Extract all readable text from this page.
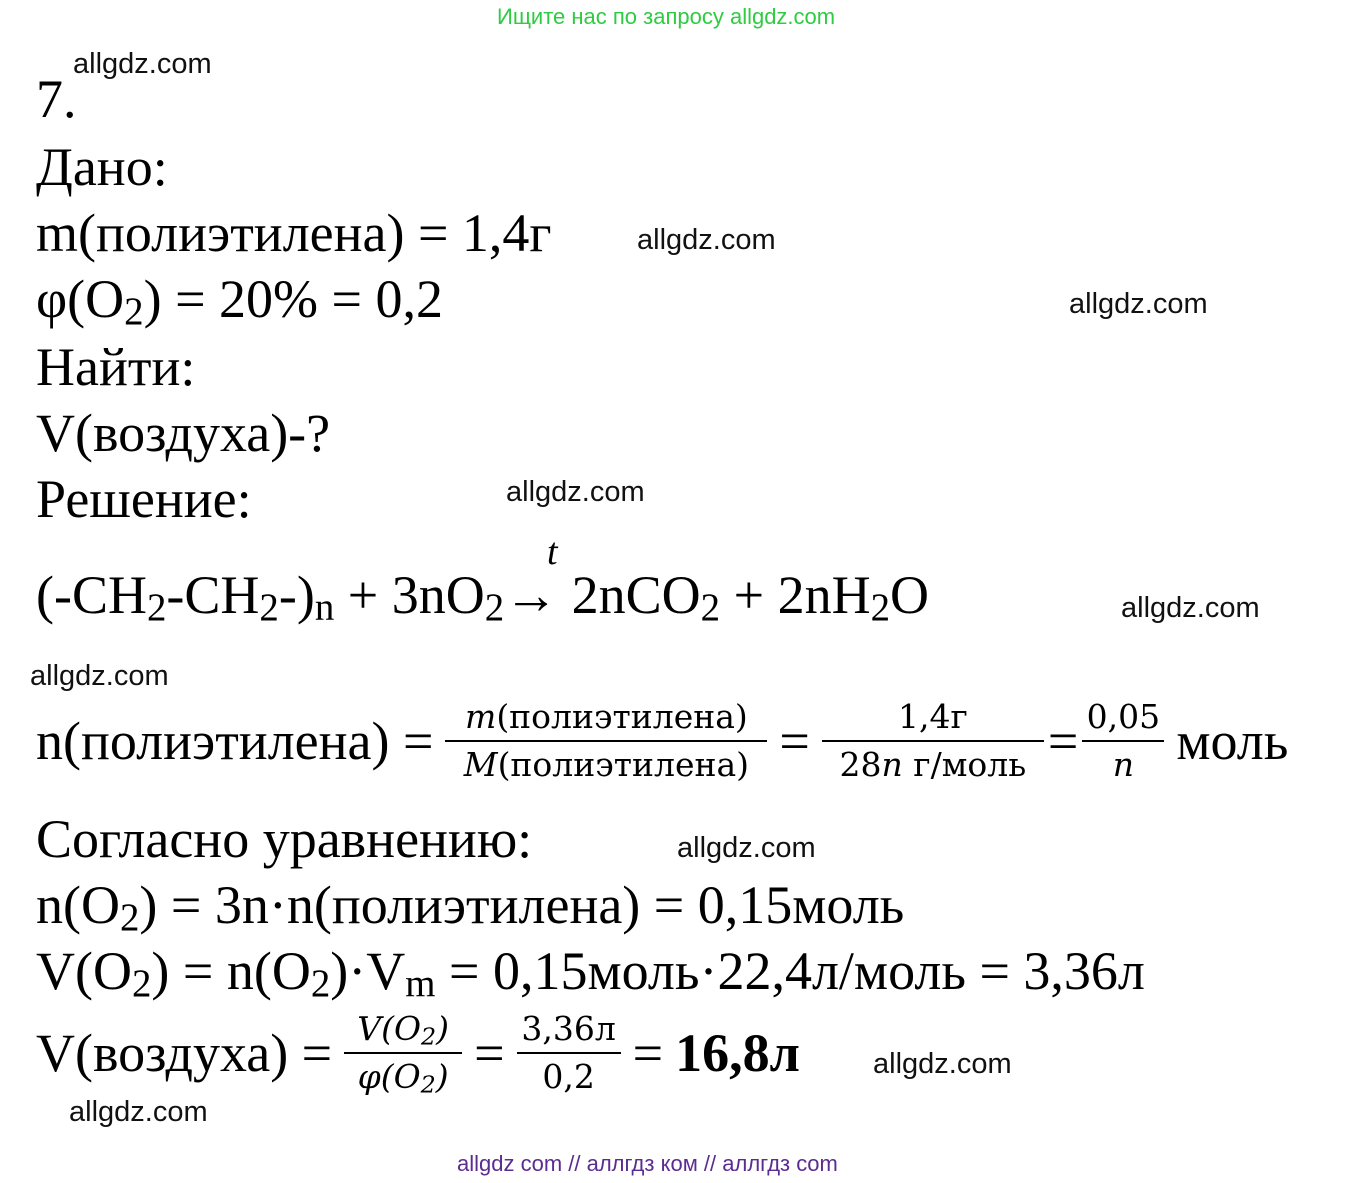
Ищите нас по запросу allgdz.com
allgdz com // аллгдз ком // аллгдз com
allgdz.com
allgdz.com
allgdz.com
allgdz.com
allgdz.com
allgdz.com
allgdz.com
allgdz.com
allgdz.com
7.
Дано:
m(полиэтилена) = 1,4г
$\varphi(O_2) = 20\% = 0,2$
Найти:
V(воздуха)-?
Решение:
t
$(-CH_2-CH_2-)_n + 3nO_2\to 2nCO_2 + 2nH_2O$
n(полиэтилена) = $\frac{\text{m(полиэтилена)}}{\text{M(полиэтилена)}} = \frac{1,4г}{\text{28n г/моль}} = \frac{0,05}{n}$ моль
Согласно уравнению:
$n(O_2)$ = 3n·n(полиэтилена) = 0,15моль
$V(O_2) = n(O_2)\cdot V_m$ = 0,15моль·22,4л/моль = 3,36л
V(воздуха) = $\frac{V(O_2)}{\varphi(O_2)} = \frac{3,36л}{0,2} = 16,8л$
